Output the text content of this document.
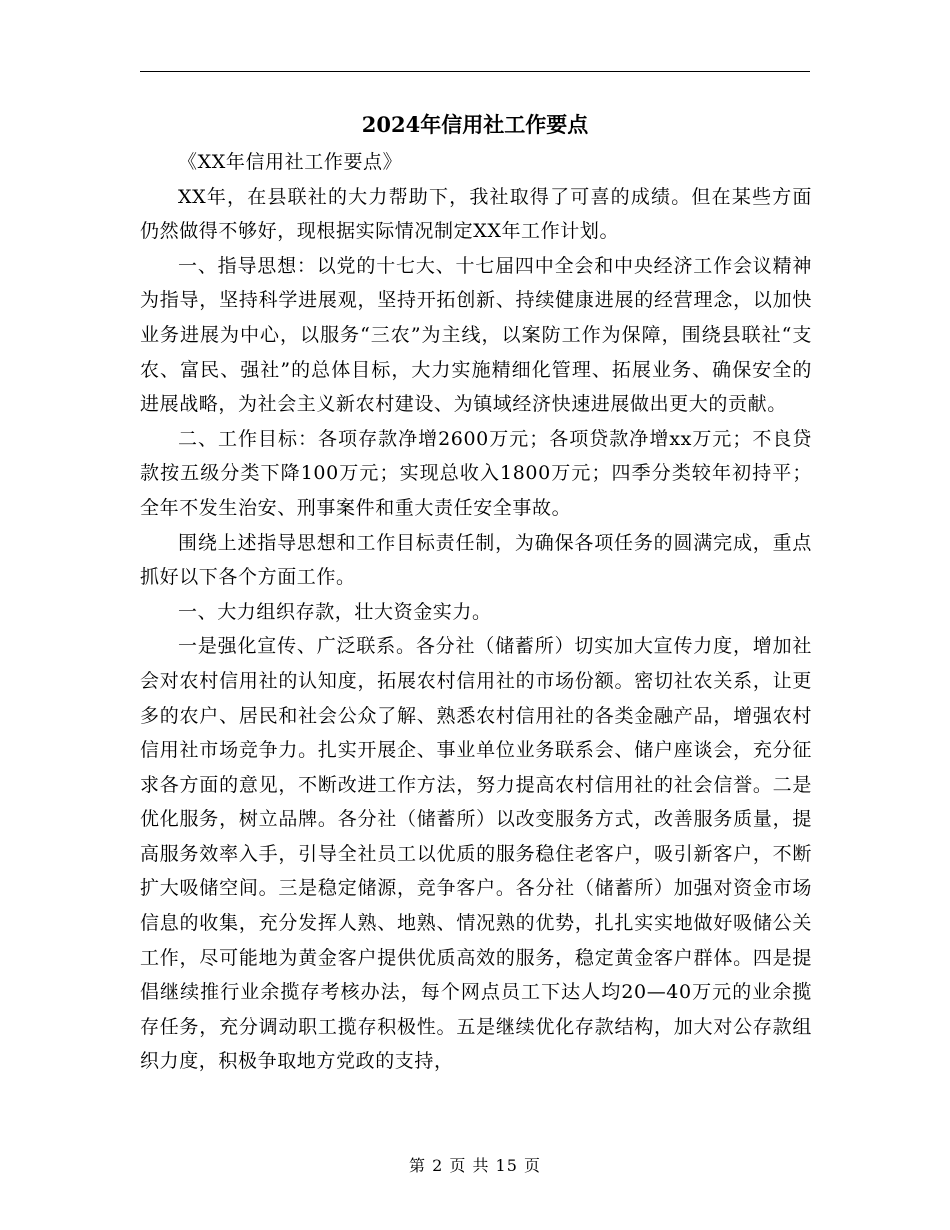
2024年信用社工作要点

《XX年信用社工作要点》

XX年，在县联社的大力帮助下，我社取得了可喜的成绩。但在某些方面仍然做得不够好，现根据实际情况制定XX年工作计划。

一、指导思想：以党的十七大、十七届四中全会和中央经济工作会议精神为指导，坚持科学进展观，坚持开拓创新、持续健康进展的经营理念，以加快业务进展为中心，以服务“三农”为主线，以案防工作为保障，围绕县联社“支农、富民、强社”的总体目标，大力实施精细化管理、拓展业务、确保安全的进展战略，为社会主义新农村建设、为镇域经济快速进展做出更大的贡献。

二、工作目标：各项存款净增2600万元；各项贷款净增xx万元；不良贷款按五级分类下降100万元；实现总收入1800万元；四季分类较年初持平；全年不发生治安、刑事案件和重大责任安全事故。

围绕上述指导思想和工作目标责任制，为确保各项任务的圆满完成，重点抓好以下各个方面工作。

一、大力组织存款，壮大资金实力。

一是强化宣传、广泛联系。各分社（储蓄所）切实加大宣传力度，增加社会对农村信用社的认知度，拓展农村信用社的市场份额。密切社农关系，让更多的农户、居民和社会公众了解、熟悉农村信用社的各类金融产品，增强农村信用社市场竞争力。扎实开展企、事业单位业务联系会、储户座谈会，充分征求各方面的意见，不断改进工作方法，努力提高农村信用社的社会信誉。二是优化服务，树立品牌。各分社（储蓄所）以改变服务方式，改善服务质量，提高服务效率入手，引导全社员工以优质的服务稳住老客户，吸引新客户，不断扩大吸储空间。三是稳定储源，竞争客户。各分社（储蓄所）加强对资金市场信息的收集，充分发挥人熟、地熟、情况熟的优势，扎扎实实地做好吸储公关工作，尽可能地为黄金客户提供优质高效的服务，稳定黄金客户群体。四是提倡继续推行业余揽存考核办法，每个网点员工下达人均20—40万元的业余揽存任务，充分调动职工揽存积极性。五是继续优化存款结构，加大对公存款组织力度，积极争取地方党政的支持，

第 2 页 共 15 页
